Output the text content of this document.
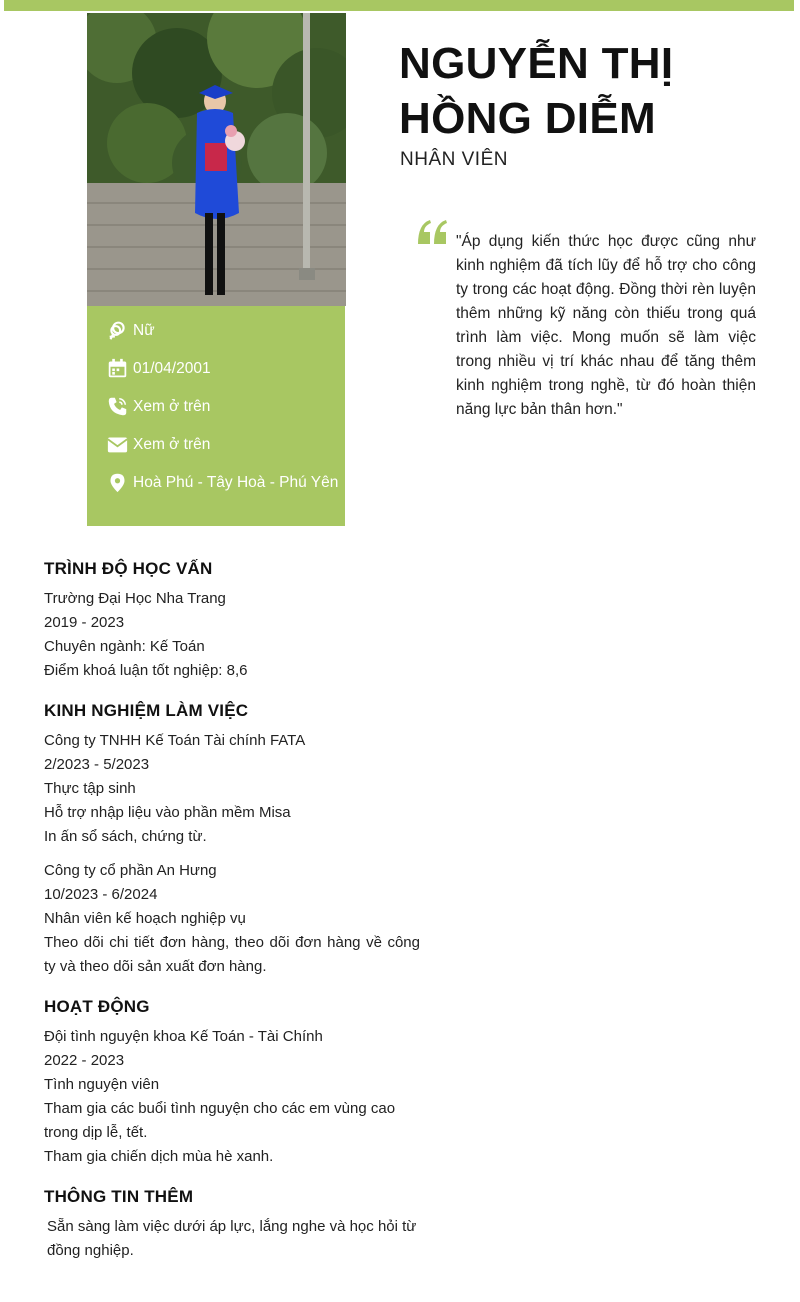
Nữ
01/04/2001
Xem ở trên
Xem ở trên
Hoà Phú - Tây Hoà - Phú Yên
NGUYỄN THỊ HỒNG DIỄM
NHÂN VIÊN
"Áp dụng kiến thức học được cũng như kinh nghiệm đã tích lũy để hỗ trợ cho công ty trong các hoạt động. Đồng thời rèn luyện thêm những kỹ năng còn thiếu trong quá trình làm việc. Mong muốn sẽ làm việc trong nhiều vị trí khác nhau để tăng thêm kinh nghiệm trong nghề, từ đó hoàn thiện năng lực bản thân hơn."
TRÌNH ĐỘ HỌC VẤN
Trường Đại Học Nha Trang
2019 - 2023
Chuyên ngành: Kế Toán
Điểm khoá luận tốt nghiệp: 8,6
KINH NGHIỆM LÀM VIỆC
Công ty TNHH Kế Toán Tài chính FATA
2/2023 - 5/2023
Thực tập sinh
Hỗ trợ nhập liệu vào phần mềm Misa
In ấn sổ sách, chứng từ.
Công ty cổ phần An Hưng
10/2023 - 6/2024
Nhân viên kế hoạch nghiệp vụ
Theo dõi chi tiết đơn hàng, theo dõi đơn hàng về công ty và theo dõi sản xuất đơn hàng.
HOẠT ĐỘNG
Đội tình nguyện khoa Kế Toán - Tài Chính
2022 - 2023
Tình nguyện viên
Tham gia các buổi tình nguyện cho các em vùng cao trong dịp lễ, tết.
Tham gia chiến dịch mùa hè xanh.
THÔNG TIN THÊM
Sẵn sàng làm việc dưới áp lực, lắng nghe và học hỏi từ đồng nghiệp.
